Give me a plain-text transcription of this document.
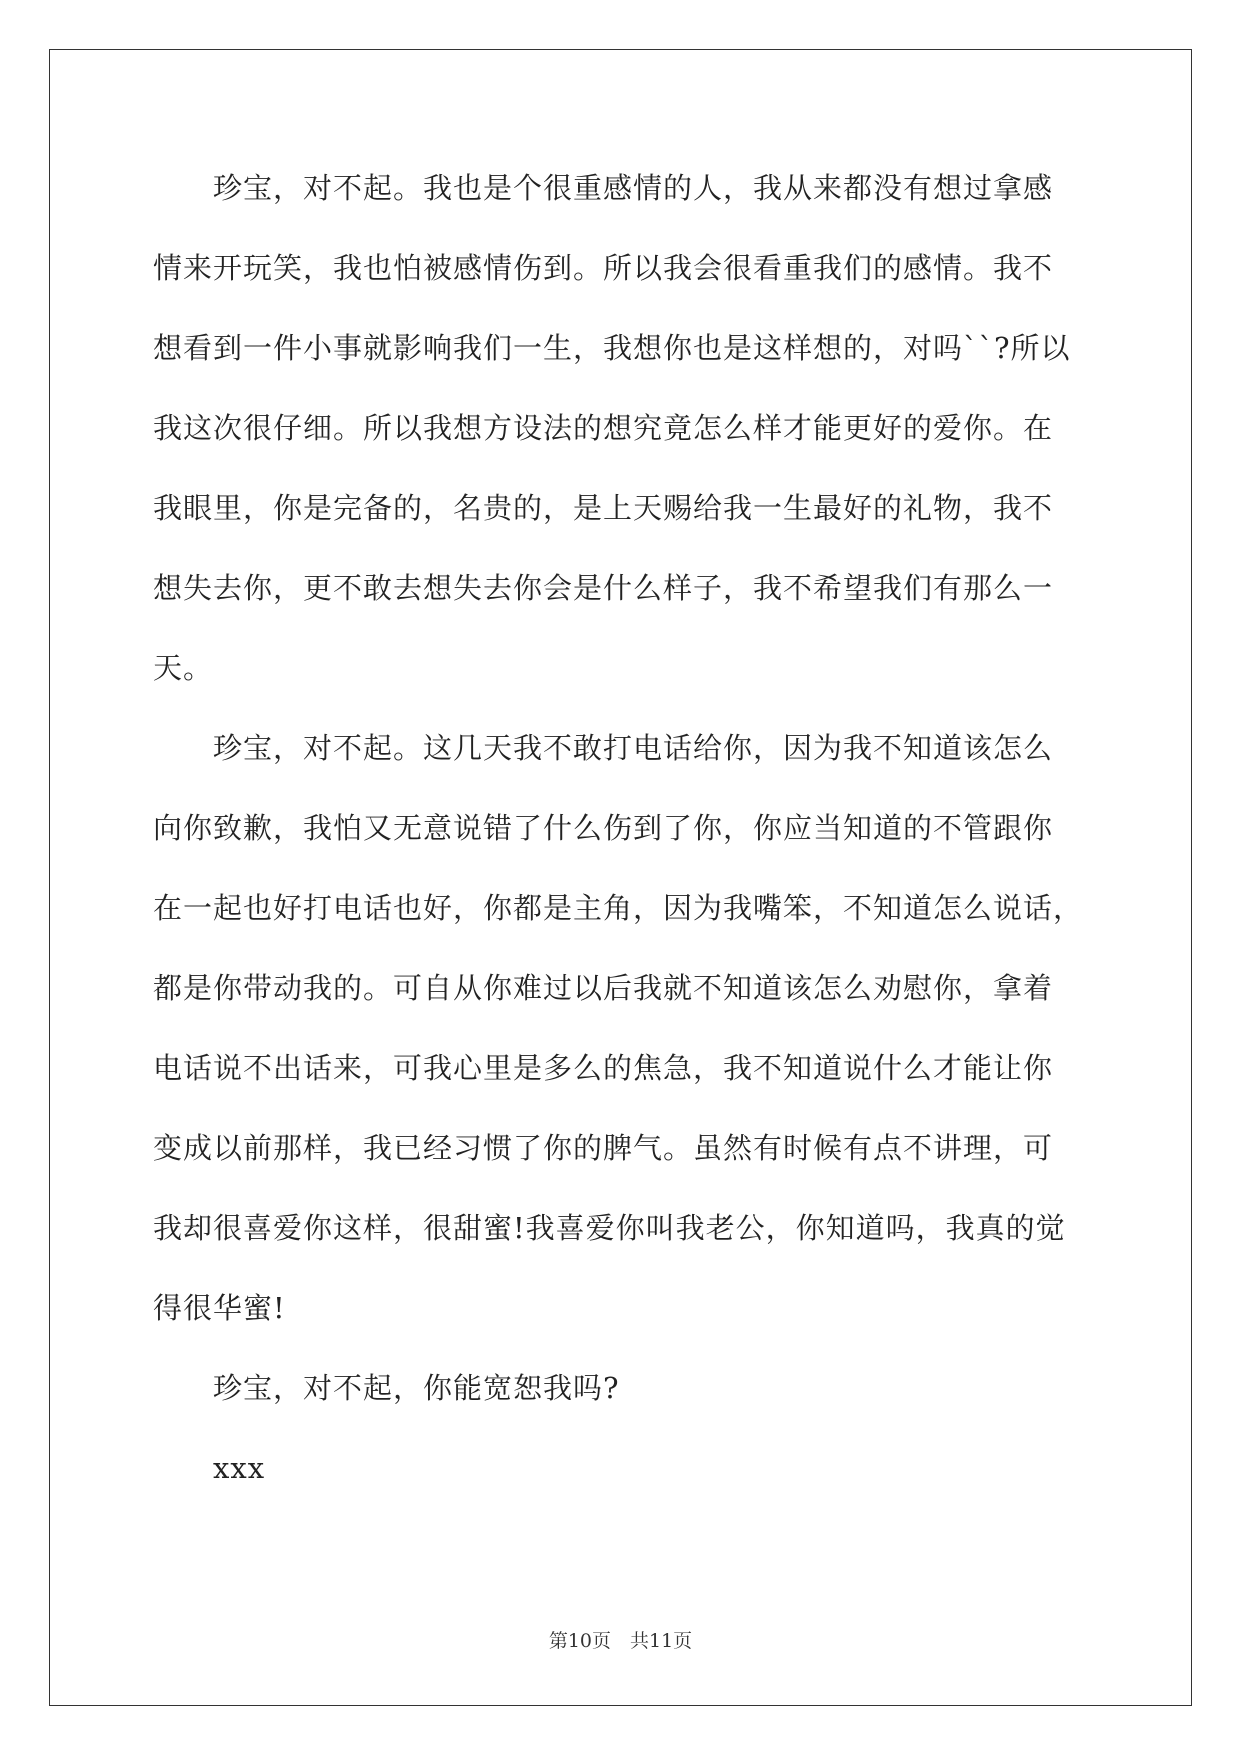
　　珍宝，对不起。我也是个很重感情的人，我从来都没有想过拿感
情来开玩笑，我也怕被感情伤到。所以我会很看重我们的感情。我不
想看到一件小事就影响我们一生，我想你也是这样想的，对吗``?所以
我这次很仔细。所以我想方设法的想究竟怎么样才能更好的爱你。在
我眼里，你是完备的，名贵的，是上天赐给我一生最好的礼物，我不
想失去你，更不敢去想失去你会是什么样子，我不希望我们有那么一
天。
　　珍宝，对不起。这几天我不敢打电话给你，因为我不知道该怎么
向你致歉，我怕又无意说错了什么伤到了你，你应当知道的不管跟你
在一起也好打电话也好，你都是主角，因为我嘴笨，不知道怎么说话，
都是你带动我的。可自从你难过以后我就不知道该怎么劝慰你，拿着
电话说不出话来，可我心里是多么的焦急，我不知道说什么才能让你
变成以前那样，我已经习惯了你的脾气。虽然有时候有点不讲理，可
我却很喜爱你这样，很甜蜜!我喜爱你叫我老公，你知道吗，我真的觉
得很华蜜!
　　珍宝，对不起，你能宽恕我吗?
　　xxx
第10页　共11页
